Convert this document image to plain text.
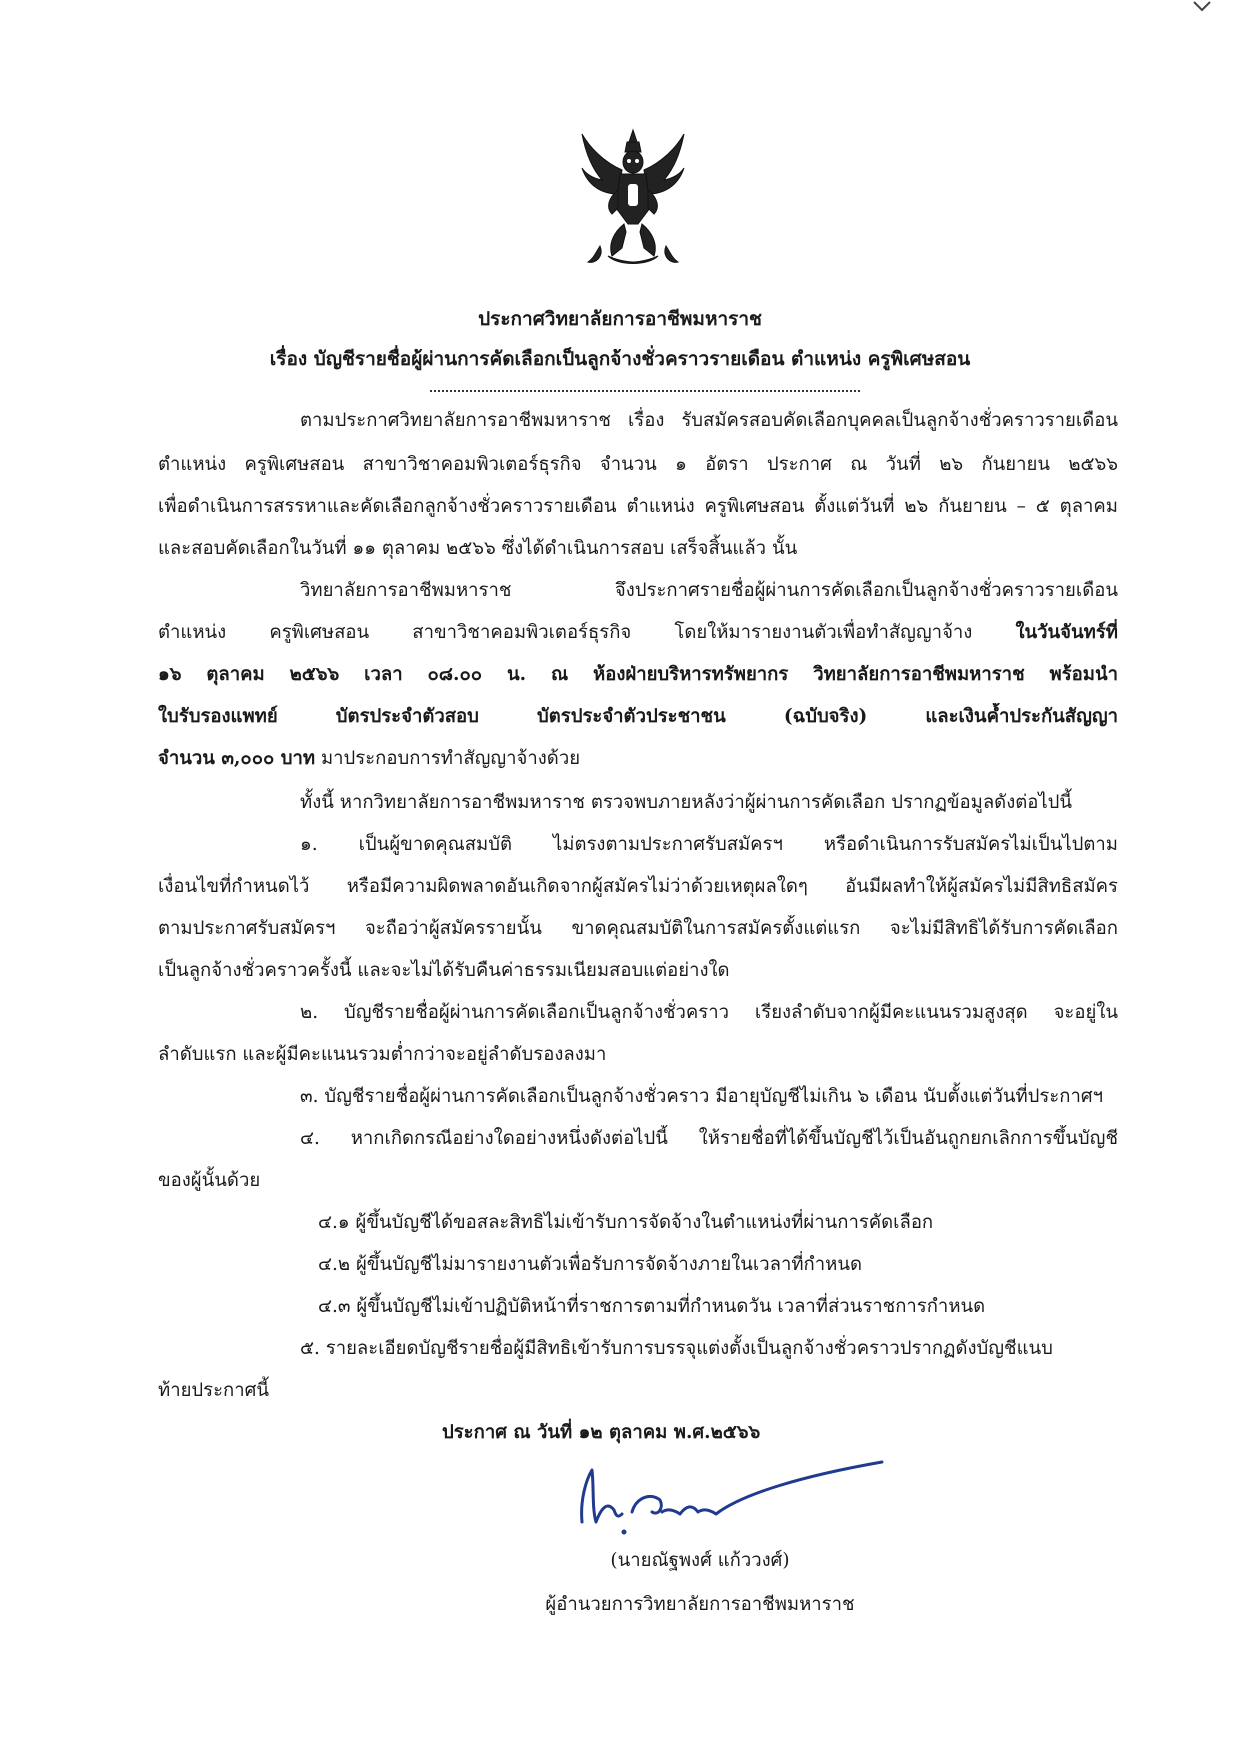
ประกาศวิทยาลัยการอาชีพมหาราช
เรื่อง บัญชีรายชื่อผู้ผ่านการคัดเลือกเป็นลูกจ้างชั่วคราวรายเดือน ตำแหน่ง ครูพิเศษสอน
ตามประกาศวิทยาลัยการอาชีพมหาราช เรื่อง รับสมัครสอบคัดเลือกบุคคลเป็นลูกจ้างชั่วคราวรายเดือน
ตำแหน่ง ครูพิเศษสอน สาขาวิชาคอมพิวเตอร์ธุรกิจ จำนวน ๑ อัตรา ประกาศ ณ วันที่ ๒๖ กันยายน ๒๕๖๖
เพื่อดำเนินการสรรหาและคัดเลือกลูกจ้างชั่วคราวรายเดือน ตำแหน่ง ครูพิเศษสอน ตั้งแต่วันที่ ๒๖ กันยายน – ๕ ตุลาคม
และสอบคัดเลือกในวันที่ ๑๑ ตุลาคม ๒๕๖๖ ซึ่งได้ดำเนินการสอบ เสร็จสิ้นแล้ว นั้น
วิทยาลัยการอาชีพมหาราช จึงประกาศรายชื่อผู้ผ่านการคัดเลือกเป็นลูกจ้างชั่วคราวรายเดือน
ตำแหน่ง ครูพิเศษสอน สาขาวิชาคอมพิวเตอร์ธุรกิจ โดยให้มารายงานตัวเพื่อทำสัญญาจ้าง ในวันจันทร์ที่
๑๖ ตุลาคม ๒๕๖๖ เวลา ๐๘.๐๐ น. ณ ห้องฝ่ายบริหารทรัพยากร วิทยาลัยการอาชีพมหาราช พร้อมนำ
ใบรับรองแพทย์ บัตรประจำตัวสอบ บัตรประจำตัวประชาชน (ฉบับจริง) และเงินค้ำประกันสัญญา
จำนวน ๓,๐๐๐ บาท มาประกอบการทำสัญญาจ้างด้วย
ทั้งนี้ หากวิทยาลัยการอาชีพมหาราช ตรวจพบภายหลังว่าผู้ผ่านการคัดเลือก ปรากฏข้อมูลดังต่อไปนี้
๑. เป็นผู้ขาดคุณสมบัติ ไม่ตรงตามประกาศรับสมัครฯ หรือดำเนินการรับสมัครไม่เป็นไปตาม
เงื่อนไขที่กำหนดไว้ หรือมีความผิดพลาดอันเกิดจากผู้สมัครไม่ว่าด้วยเหตุผลใดๆ อันมีผลทำให้ผู้สมัครไม่มีสิทธิสมัคร
ตามประกาศรับสมัครฯ จะถือว่าผู้สมัครรายนั้น ขาดคุณสมบัติในการสมัครตั้งแต่แรก จะไม่มีสิทธิได้รับการคัดเลือก
เป็นลูกจ้างชั่วคราวครั้งนี้ และจะไม่ได้รับคืนค่าธรรมเนียมสอบแต่อย่างใด
๒. บัญชีรายชื่อผู้ผ่านการคัดเลือกเป็นลูกจ้างชั่วคราว เรียงลำดับจากผู้มีคะแนนรวมสูงสุด จะอยู่ใน
ลำดับแรก และผู้มีคะแนนรวมต่ำกว่าจะอยู่ลำดับรองลงมา
๓. บัญชีรายชื่อผู้ผ่านการคัดเลือกเป็นลูกจ้างชั่วคราว มีอายุบัญชีไม่เกิน ๖ เดือน นับตั้งแต่วันที่ประกาศฯ
๔. หากเกิดกรณีอย่างใดอย่างหนึ่งดังต่อไปนี้ ให้รายชื่อที่ได้ขึ้นบัญชีไว้เป็นอันถูกยกเลิกการขึ้นบัญชี
ของผู้นั้นด้วย
๔.๑ ผู้ขึ้นบัญชีได้ขอสละสิทธิไม่เข้ารับการจัดจ้างในตำแหน่งที่ผ่านการคัดเลือก
๔.๒ ผู้ขึ้นบัญชีไม่มารายงานตัวเพื่อรับการจัดจ้างภายในเวลาที่กำหนด
๔.๓ ผู้ขึ้นบัญชีไม่เข้าปฏิบัติหน้าที่ราชการตามที่กำหนดวัน เวลาที่ส่วนราชการกำหนด
๕. รายละเอียดบัญชีรายชื่อผู้มีสิทธิเข้ารับการบรรจุแต่งตั้งเป็นลูกจ้างชั่วคราวปรากฏดังบัญชีแนบ
ท้ายประกาศนี้
ประกาศ ณ วันที่ ๑๒ ตุลาคม พ.ศ.๒๕๖๖
(นายณัฐพงศ์ แก้ววงศ์)
ผู้อำนวยการวิทยาลัยการอาชีพมหาราช
